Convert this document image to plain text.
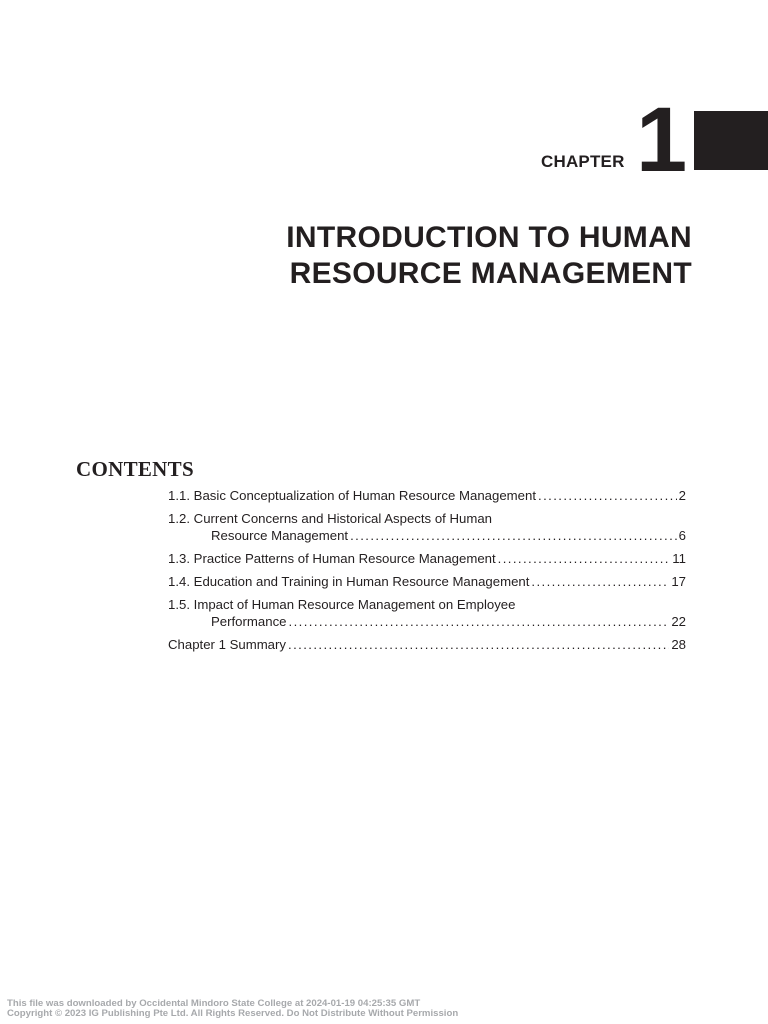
CHAPTER 1
INTRODUCTION TO HUMAN
RESOURCE MANAGEMENT
CONTENTS
1.1. Basic Conceptualization of Human Resource Management .....	2
1.2. Current Concerns and Historical Aspects of Human
Resource Management .....	6
1.3. Practice Patterns of Human Resource Management .....	11
1.4. Education and Training in Human Resource Management .....	17
1.5. Impact of Human Resource Management on Employee
Performance .....	22
Chapter 1 Summary .....	28
This file was downloaded by Occidental Mindoro State College at 2024-01-19 04:25:35 GMT
Copyright © 2023 IG Publishing Pte Ltd. All Rights Reserved. Do Not Distribute Without Permission
